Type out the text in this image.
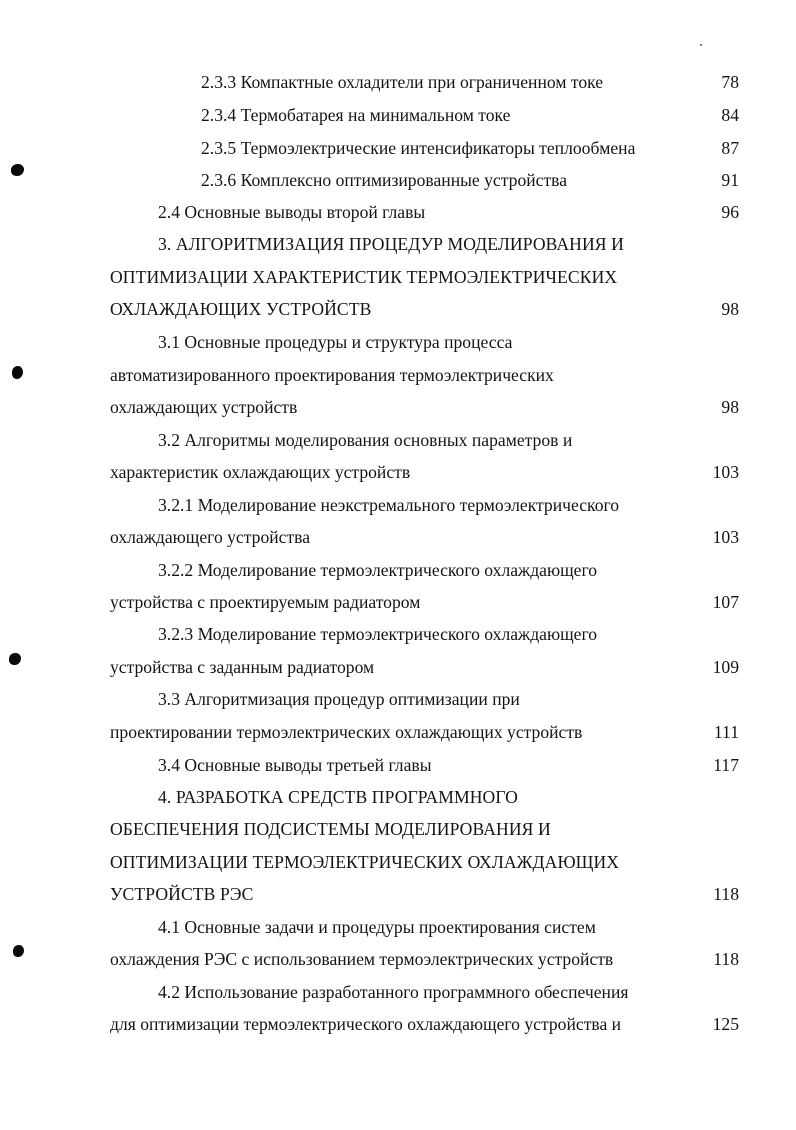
2.3.3 Компактные охладители при ограниченном токе	78
2.3.4 Термобатарея на минимальном токе	84
2.3.5 Термоэлектрические интенсификаторы теплообмена	87
2.3.6 Комплексно оптимизированные устройства	91
2.4 Основные выводы второй главы	96
3. АЛГОРИТМИЗАЦИЯ ПРОЦЕДУР МОДЕЛИРОВАНИЯ И
ОПТИМИЗАЦИИ ХАРАКТЕРИСТИК ТЕРМОЭЛЕКТРИЧЕСКИХ
ОХЛАЖДАЮЩИХ УСТРОЙСТВ	98
3.1 Основные процедуры и структура процесса
автоматизированного проектирования термоэлектрических
охлаждающих устройств	98
3.2 Алгоритмы моделирования основных параметров и
характеристик охлаждающих устройств	103
3.2.1 Моделирование неэкстремального термоэлектрического
охлаждающего устройства	103
3.2.2 Моделирование термоэлектрического охлаждающего
устройства с проектируемым радиатором	107
3.2.3 Моделирование термоэлектрического охлаждающего
устройства с заданным радиатором	109
3.3 Алгоритмизация процедур оптимизации при
проектировании термоэлектрических охлаждающих устройств	111
3.4 Основные выводы третьей главы	117
4. РАЗРАБОТКА СРЕДСТВ ПРОГРАММНОГО
ОБЕСПЕЧЕНИЯ ПОДСИСТЕМЫ МОДЕЛИРОВАНИЯ И
ОПТИМИЗАЦИИ ТЕРМОЭЛЕКТРИЧЕСКИХ ОХЛАЖДАЮЩИХ
УСТРОЙСТВ РЭС	118
4.1 Основные задачи и процедуры проектирования систем
охлаждения РЭС с использованием термоэлектрических устройств	118
4.2 Использование разработанного программного обеспечения
для оптимизации термоэлектрического охлаждающего устройства и	125
